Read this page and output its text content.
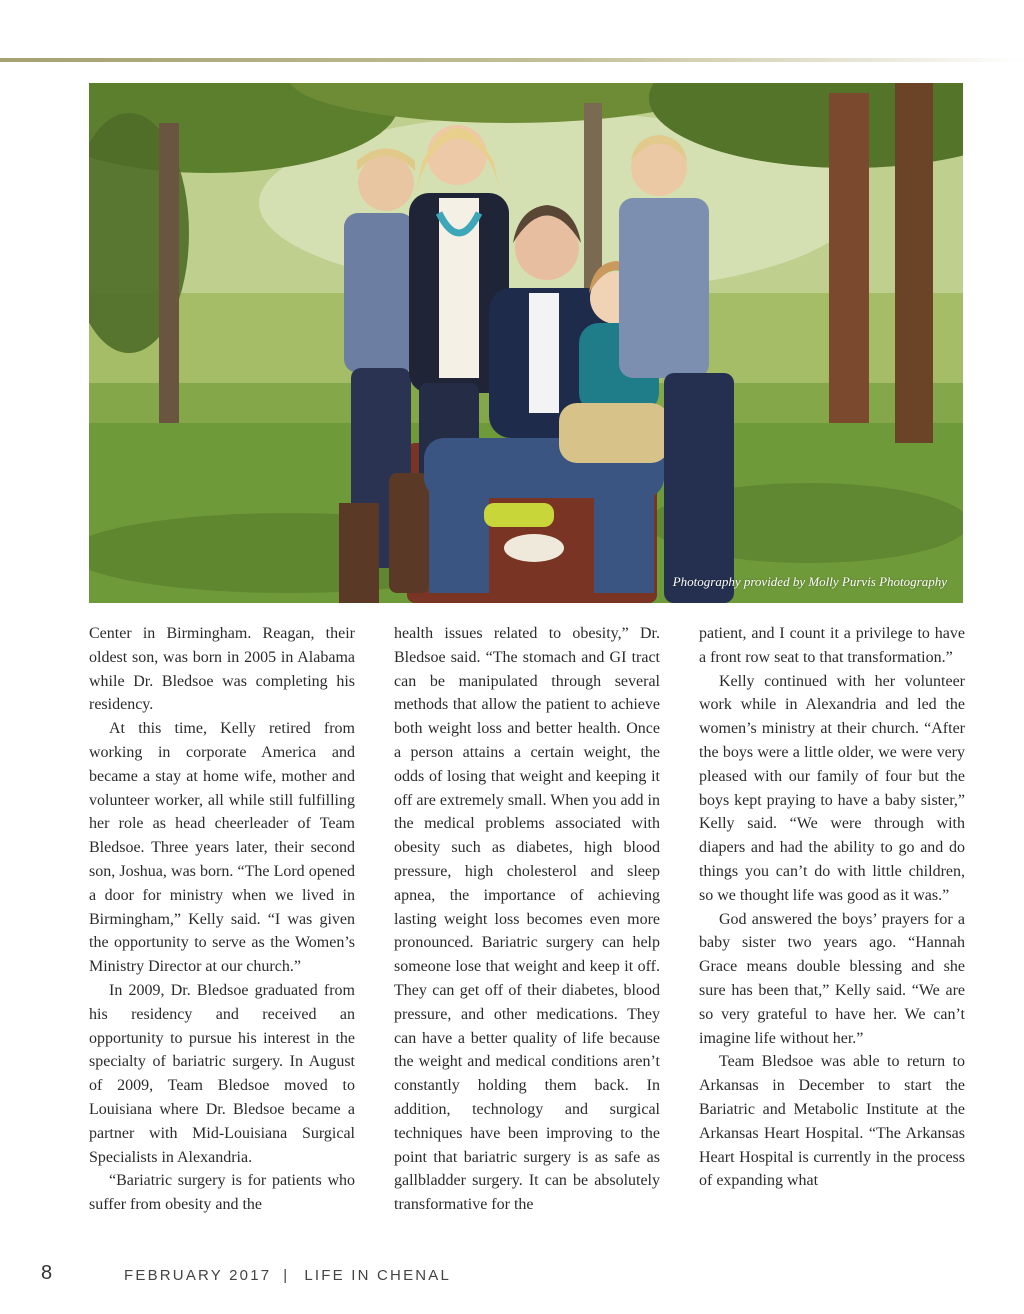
Photography provided by Molly Purvis Photography

Center in Birmingham. Reagan, their oldest son, was born in 2005 in Alabama while Dr. Bledsoe was completing his residency.

At this time, Kelly retired from working in corporate America and became a stay at home wife, mother and volunteer worker, all while still fulfilling her role as head cheerleader of Team Bledsoe. Three years later, their second son, Joshua, was born. “The Lord opened a door for ministry when we lived in Birmingham,” Kelly said. “I was given the opportunity to serve as the Women’s Ministry Director at our church.”

In 2009, Dr. Bledsoe graduated from his residency and received an opportunity to pursue his interest in the specialty of bariatric surgery. In August of 2009, Team Bledsoe moved to Louisiana where Dr. Bledsoe became a partner with Mid-Louisiana Surgical Specialists in Alexandria.

“Bariatric surgery is for patients who suffer from obesity and the

health issues related to obesity,” Dr. Bledsoe said. “The stomach and GI tract can be manipulated through several methods that allow the patient to achieve both weight loss and better health. Once a person attains a certain weight, the odds of losing that weight and keeping it off are extremely small. When you add in the medical problems associated with obesity such as diabetes, high blood pressure, high cholesterol and sleep apnea, the importance of achieving lasting weight loss becomes even more pronounced. Bariatric surgery can help someone lose that weight and keep it off. They can get off of their diabetes, blood pressure, and other medications. They can have a better quality of life because the weight and medical conditions aren’t constantly holding them back. In addition, technology and surgical techniques have been improving to the point that bariatric surgery is as safe as gallbladder surgery. It can be absolutely transformative for the

patient, and I count it a privilege to have a front row seat to that transformation.”

Kelly continued with her volunteer work while in Alexandria and led the women’s ministry at their church. “After the boys were a little older, we were very pleased with our family of four but the boys kept praying to have a baby sister,” Kelly said. “We were through with diapers and had the ability to go and do things you can’t do with little children, so we thought life was good as it was.”

God answered the boys’ prayers for a baby sister two years ago. “Hannah Grace means double blessing and she sure has been that,” Kelly said. “We are so very grateful to have her. We can’t imagine life without her.”

Team Bledsoe was able to return to Arkansas in December to start the Bariatric and Metabolic Institute at the Arkansas Heart Hospital. “The Arkansas Heart Hospital is currently in the process of expanding what

8	FEBRUARY 2017 | LIFE IN CHENAL
